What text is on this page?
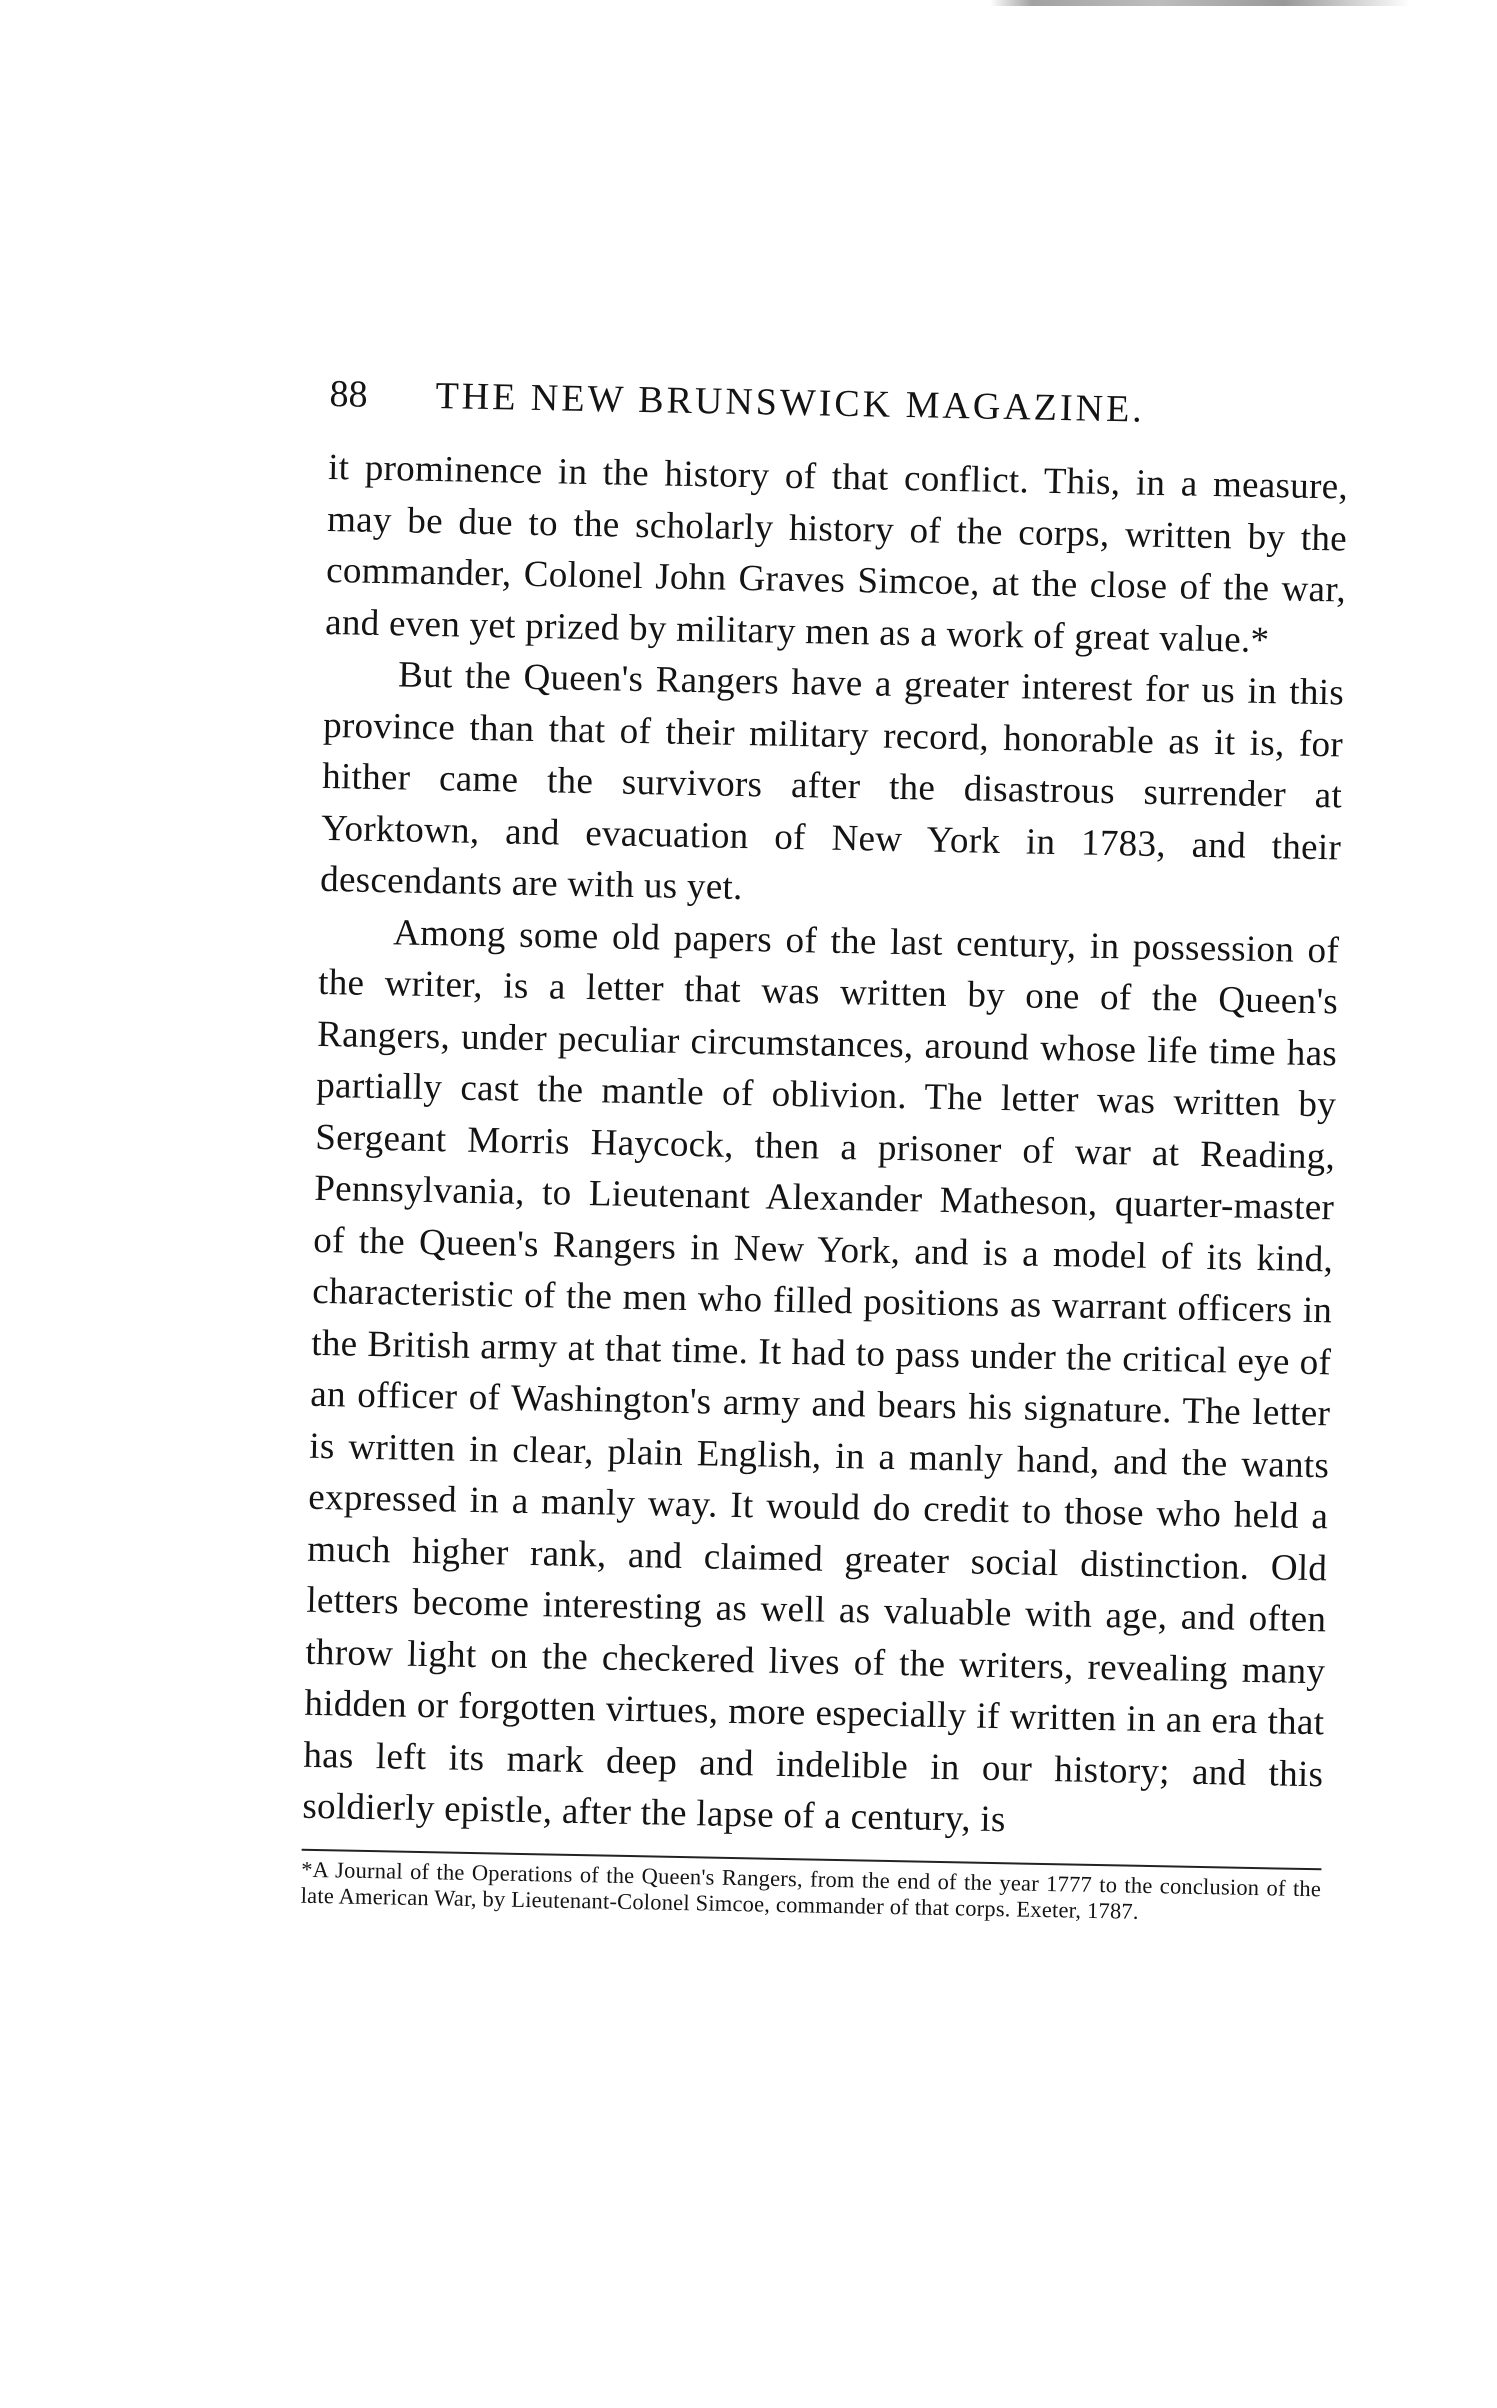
88	THE NEW BRUNSWICK MAGAZINE.

it prominence in the history of that conflict. This, in a measure, may be due to the scholarly history of the corps, written by the commander, Colonel John Graves Simcoe, at the close of the war, and even yet prized by military men as a work of great value.*

But the Queen's Rangers have a greater interest for us in this province than that of their military record, honorable as it is, for hither came the survivors after the disastrous surrender at Yorktown, and evacuation of New York in 1783, and their descendants are with us yet.

Among some old papers of the last century, in possession of the writer, is a letter that was written by one of the Queen's Rangers, under peculiar circumstances, around whose life time has partially cast the mantle of oblivion. The letter was written by Sergeant Morris Haycock, then a prisoner of war at Reading, Pennsylvania, to Lieutenant Alexander Matheson, quarter-master of the Queen's Rangers in New York, and is a model of its kind, characteristic of the men who filled positions as warrant officers in the British army at that time. It had to pass under the critical eye of an officer of Washington's army and bears his signature. The letter is written in clear, plain English, in a manly hand, and the wants expressed in a manly way. It would do credit to those who held a much higher rank, and claimed greater social distinction. Old letters become interesting as well as valuable with age, and often throw light on the checkered lives of the writers, revealing many hidden or forgotten virtues, more especially if written in an era that has left its mark deep and indelible in our history; and this soldierly epistle, after the lapse of a century, is

*A Journal of the Operations of the Queen's Rangers, from the end of the year 1777 to the conclusion of the late American War, by Lieutenant-Colonel Simcoe, commander of that corps. Exeter, 1787.
